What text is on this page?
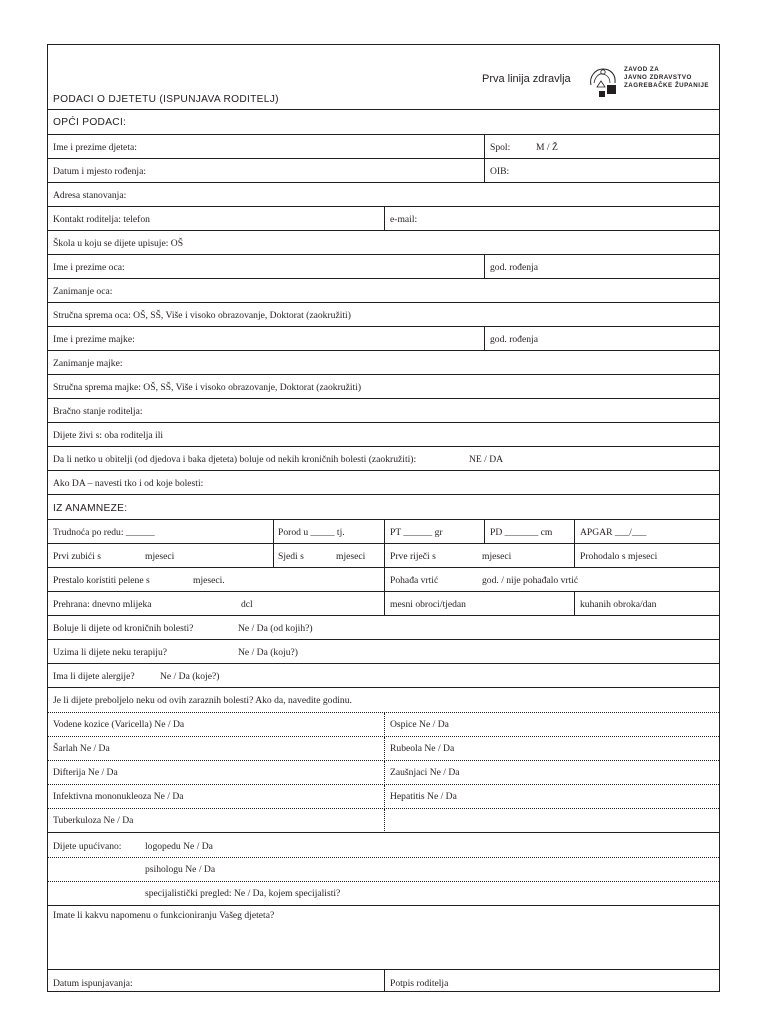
PODACI O DJETETU (ISPUNJAVA RODITELJ)
Prva linija zdravlja
ZAVOD ZA
JAVNO ZDRAVSTVO
ZAGREBAČKE ŽUPANIJE
OPĆI PODACI:
Ime i prezime djeteta:	Spol:	M / Ž
Datum i mjesto rođenja:	OIB:
Adresa stanovanja:
Kontakt roditelja: telefon	e-mail:
Škola u koju se dijete upisuje: OŠ
Ime i prezime oca:	god. rođenja
Zanimanje oca:
Stručna sprema oca: OŠ, SŠ, Više i visoko obrazovanje, Doktorat (zaokružiti)
Ime i prezime majke:	god. rođenja
Zanimanje majke:
Stručna sprema majke: OŠ, SŠ, Više i visoko obrazovanje, Doktorat (zaokružiti)
Bračno stanje roditelja:
Dijete živi s: oba roditelja ili
Da li netko u obitelji (od djedova i baka djeteta) boluje od nekih kroničnih bolesti (zaokružiti):	NE / DA
Ako DA – navesti tko i od koje bolesti:
IZ ANAMNEZE:
Trudnoća po redu: ______	Porod u _____ tj.	PT ______ gr	PD _______ cm	APGAR ___/___
Prvi zubići s	mjeseci	Sjedi s	mjeseci	Prve riječi s	mjeseci	Prohodalo s mjeseci
Prestalo koristiti pelene s	mjeseci.	Pohađa vrtić	god. / nije pohađalo vrtić
Prehrana: dnevno mlijeka	dcl	mesni obroci/tjedan	kuhanih obroka/dan
Boluje li dijete od kroničnih bolesti?	Ne / Da (od kojih?)
Uzima li dijete neku terapiju?	Ne / Da (koju?)
Ima li dijete alergije?	Ne / Da (koje?)
Je li dijete preboljelo neku od ovih zaraznih bolesti? Ako da, navedite godinu.
Vodene kozice (Varicella) Ne / Da	Ospice Ne / Da
Šarlah Ne / Da	Rubeola Ne / Da
Difterija Ne / Da	Zaušnjaci Ne / Da
Infektivna mononukleoza Ne / Da	Hepatitis Ne / Da
Tuberkuloza Ne / Da
Dijete upućivano: logopedu Ne / Da
psihologu Ne / Da
specijalistički pregled: Ne / Da, kojem specijalisti?
Imate li kakvu napomenu o funkcioniranju Vašeg djeteta?
Datum ispunjavanja:	Potpis roditelja
